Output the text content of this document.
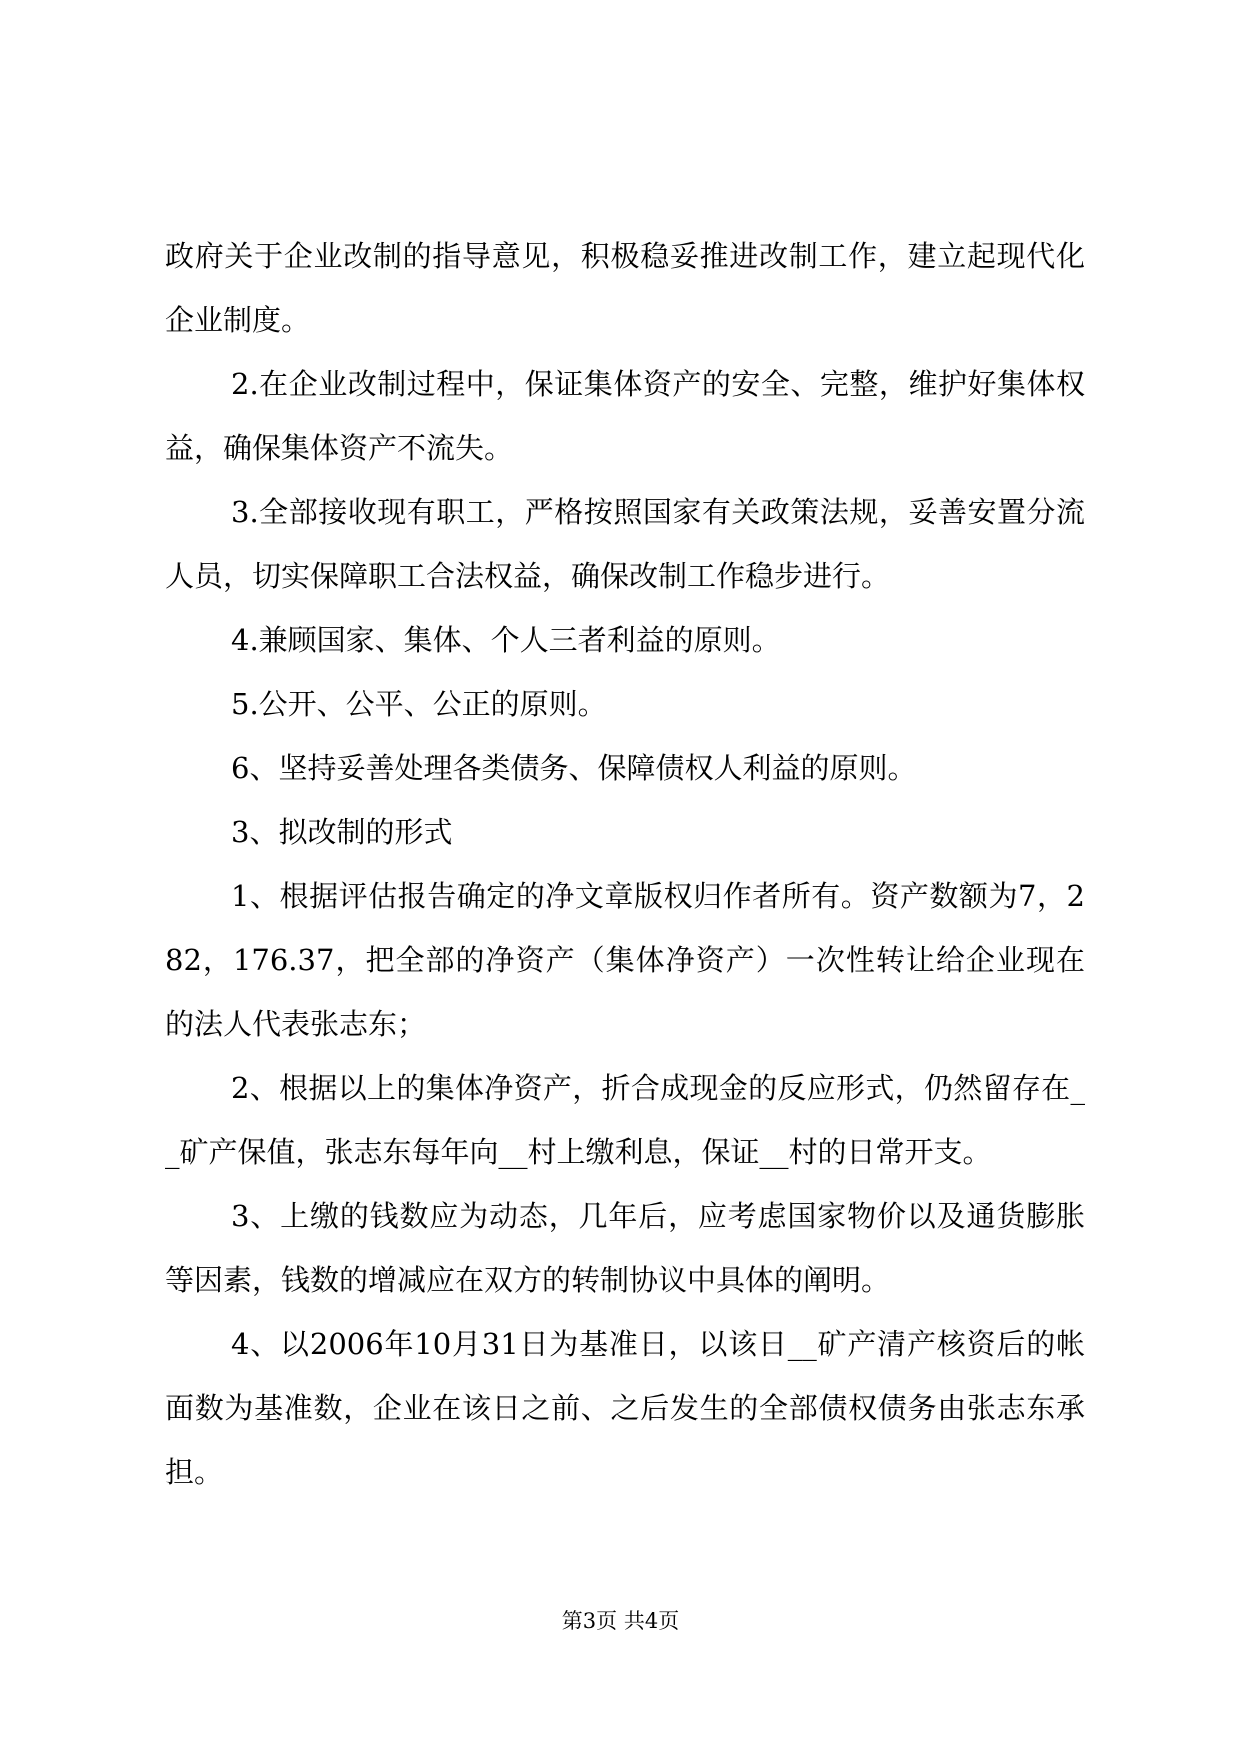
政府关于企业改制的指导意见，积极稳妥推进改制工作，建立起现代化企业制度。

2.在企业改制过程中，保证集体资产的安全、完整，维护好集体权益，确保集体资产不流失。

3.全部接收现有职工，严格按照国家有关政策法规，妥善安置分流人员，切实保障职工合法权益，确保改制工作稳步进行。

4.兼顾国家、集体、个人三者利益的原则。

5.公开、公平、公正的原则。

6、坚持妥善处理各类债务、保障债权人利益的原则。

3、拟改制的形式

1、根据评估报告确定的净文章版权归作者所有。资产数额为7，282，176.37，把全部的净资产（集体净资产）一次性转让给企业现在的法人代表张志东；

2、根据以上的集体净资产，折合成现金的反应形式，仍然留存在__矿产保值，张志东每年向__村上缴利息，保证__村的日常开支。

3、上缴的钱数应为动态，几年后，应考虑国家物价以及通货膨胀等因素，钱数的增减应在双方的转制协议中具体的阐明。

4、以2006年10月31日为基准日，以该日__矿产清产核资后的帐面数为基准数，企业在该日之前、之后发生的全部债权债务由张志东承担。

第3页 共4页
